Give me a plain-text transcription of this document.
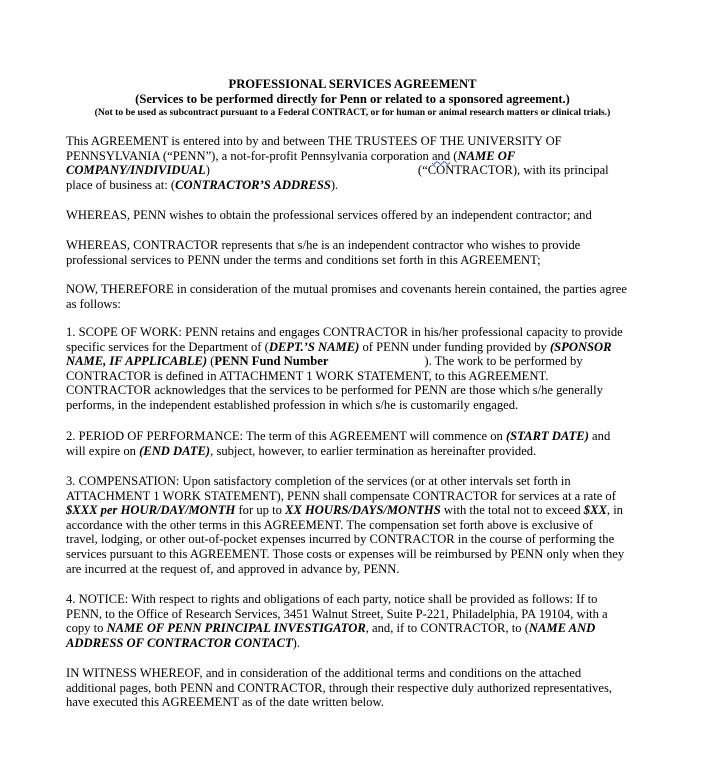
PROFESSIONAL SERVICES AGREEMENT
(Services to be performed directly for Penn or related to a sponsored agreement.)
(Not to be used as subcontract pursuant to a Federal CONTRACT, or for human or animal research matters or clinical trials.)
This AGREEMENT is entered into by and between THE TRUSTEES OF THE UNIVERSITY OF
PENNSYLVANIA (“PENN”), a not-for-profit Pennsylvania corporation and (NAME OF
COMPANY/INDIVIDUAL)	(“CONTRACTOR), with its principal
place of business at: (CONTRACTOR’S ADDRESS).
WHEREAS, PENN wishes to obtain the professional services offered by an independent contractor; and
WHEREAS, CONTRACTOR represents that s/he is an independent contractor who wishes to provide
professional services to PENN under the terms and conditions set forth in this AGREEMENT;
NOW, THEREFORE in consideration of the mutual promises and covenants herein contained, the parties agree
as follows:
1. SCOPE OF WORK: PENN retains and engages CONTRACTOR in his/her professional capacity to provide
specific services for the Department of (DEPT.’S NAME) of PENN under funding provided by (SPONSOR
NAME, IF APPLICABLE) (PENN Fund Number	). The work to be performed by
CONTRACTOR is defined in ATTACHMENT 1 WORK STATEMENT, to this AGREEMENT.
CONTRACTOR acknowledges that the services to be performed for PENN are those which s/he generally
performs, in the independent established profession in which s/he is customarily engaged.
2. PERIOD OF PERFORMANCE: The term of this AGREEMENT will commence on (START DATE) and
will expire on (END DATE), subject, however, to earlier termination as hereinafter provided.
3. COMPENSATION: Upon satisfactory completion of the services (or at other intervals set forth in
ATTACHMENT 1 WORK STATEMENT), PENN shall compensate CONTRACTOR for services at a rate of
$XXX per HOUR/DAY/MONTH for up to XX HOURS/DAYS/MONTHS with the total not to exceed $XX, in
accordance with the other terms in this AGREEMENT. The compensation set forth above is exclusive of
travel, lodging, or other out-of-pocket expenses incurred by CONTRACTOR in the course of performing the
services pursuant to this AGREEMENT. Those costs or expenses will be reimbursed by PENN only when they
are incurred at the request of, and approved in advance by, PENN.
4. NOTICE: With respect to rights and obligations of each party, notice shall be provided as follows: If to
PENN, to the Office of Research Services, 3451 Walnut Street, Suite P-221, Philadelphia, PA 19104, with a
copy to NAME OF PENN PRINCIPAL INVESTIGATOR, and, if to CONTRACTOR, to (NAME AND
ADDRESS OF CONTRACTOR CONTACT).
IN WITNESS WHEREOF, and in consideration of the additional terms and conditions on the attached
additional pages, both PENN and CONTRACTOR, through their respective duly authorized representatives,
have executed this AGREEMENT as of the date written below.
